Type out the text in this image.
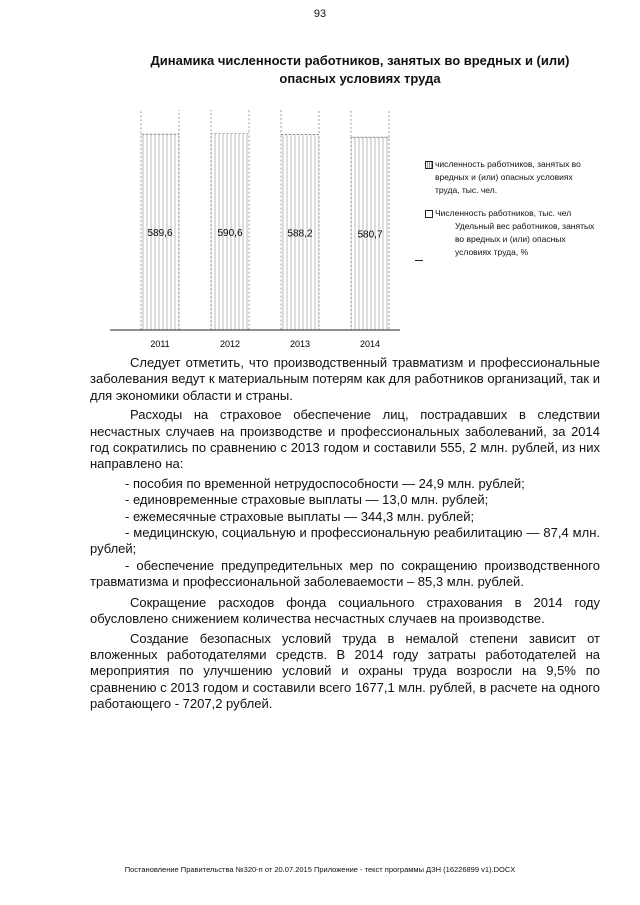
93
Динамика численности работников, занятых во вредных и (или)
опасных условиях труда
589,6
2011
590,6
2012
588,2
2013
580,7
2014
численность работников, занятых во вредных и (или) опасных условиях труда, тыс. чел.
Численность работников, тыс. чел
Удельный вес работников, занятых во вредных и (или) опасных условиях труда, %

Следует отметить, что производственный травматизм и профессиональные заболевания ведут к материальным потерям как для работников организаций, так и для экономики области и страны.

Расходы на страховое обеспечение лиц, пострадавших в следствии несчастных случаев на производстве и профессиональных заболеваний, за 2014 год сократились по сравнению с 2013 годом и составили 555, 2 млн. рублей, из них направлено на:

- пособия по временной нетрудоспособности — 24,9 млн. рублей;

- единовременные страховые выплаты — 13,0 млн. рублей;

- ежемесячные страховые выплаты — 344,3 млн. рублей;

- медицинскую, социальную и профессиональную реабилитацию — 87,4 млн. рублей;

- обеспечение предупредительных мер по сокращению производственного травматизма и профессиональной заболеваемости – 85,3 млн. рублей.

Сокращение расходов фонда социального страхования в 2014 году обусловлено снижением количества несчастных случаев на производстве.

Создание безопасных условий труда в немалой степени зависит от вложенных работодателями средств. В 2014 году затраты работодателей на мероприятия по улучшению условий и охраны труда возросли на 9,5% по сравнению с 2013 годом и составили всего 1677,1 млн. рублей, в расчете на одного работающего - 7207,2 рублей.

Постановление Правительства №320-п от 20.07.2015 Приложение - текст программы ДЗН (16226899 v1).DOCX
